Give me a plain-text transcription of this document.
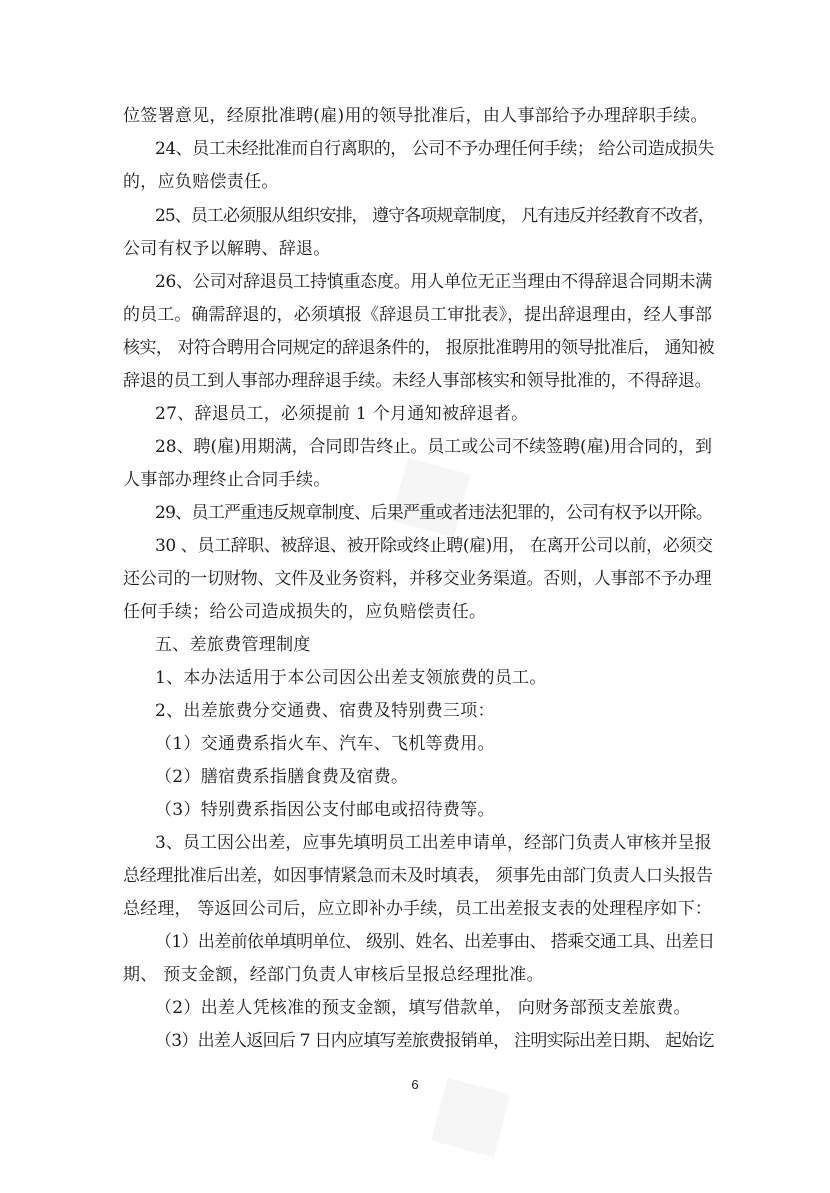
位签署意见，经原批准聘(雇)用的领导批准后，由人事部给予办理辞职手续。
24、员工未经批准而自行离职的， 公司不予办理任何手续； 给公司造成损失
的，应负赔偿责任。
25、员工必须服从组织安排， 遵守各项规章制度， 凡有违反并经教育不改者，
公司有权予以解聘、辞退。
26、公司对辞退员工持慎重态度。用人单位无正当理由不得辞退合同期未满
的员工。确需辞退的，必须填报《辞退员工审批表》，提出辞退理由，经人事部
核实， 对符合聘用合同规定的辞退条件的， 报原批准聘用的领导批准后， 通知被
辞退的员工到人事部办理辞退手续。未经人事部核实和领导批准的，不得辞退。
27、辞退员工，必须提前 1 个月通知被辞退者。
28、聘(雇)用期满，合同即告终止。员工或公司不续签聘(雇)用合同的，到
人事部办理终止合同手续。
29、员工严重违反规章制度、后果严重或者违法犯罪的，公司有权予以开除。
30 、员工辞职、被辞退、被开除或终止聘(雇)用， 在离开公司以前，必须交
还公司的一切财物、文件及业务资料，并移交业务渠道。否则，人事部不予办理
任何手续；给公司造成损失的，应负赔偿责任。
五、差旅费管理制度
1、本办法适用于本公司因公出差支领旅费的员工。
2、出差旅费分交通费、宿费及特别费三项：
（1）交通费系指火车、汽车、飞机等费用。
（2）膳宿费系指膳食费及宿费。
（3）特别费系指因公支付邮电或招待费等。
3、员工因公出差，应事先填明员工出差申请单，经部门负责人审核并呈报
总经理批准后出差，如因事情紧急而未及时填表， 须事先由部门负责人口头报告
总经理， 等返回公司后，应立即补办手续，员工出差报支表的处理程序如下：
（1）出差前依单填明单位、 级别、姓名、出差事由、 搭乘交通工具、出差日
期、 预支金额，经部门负责人审核后呈报总经理批准。
（2）出差人凭核准的预支金额，填写借款单， 向财务部预支差旅费。
（3）出差人返回后 7 日内应填写差旅费报销单， 注明实际出差日期、 起始讫
6
